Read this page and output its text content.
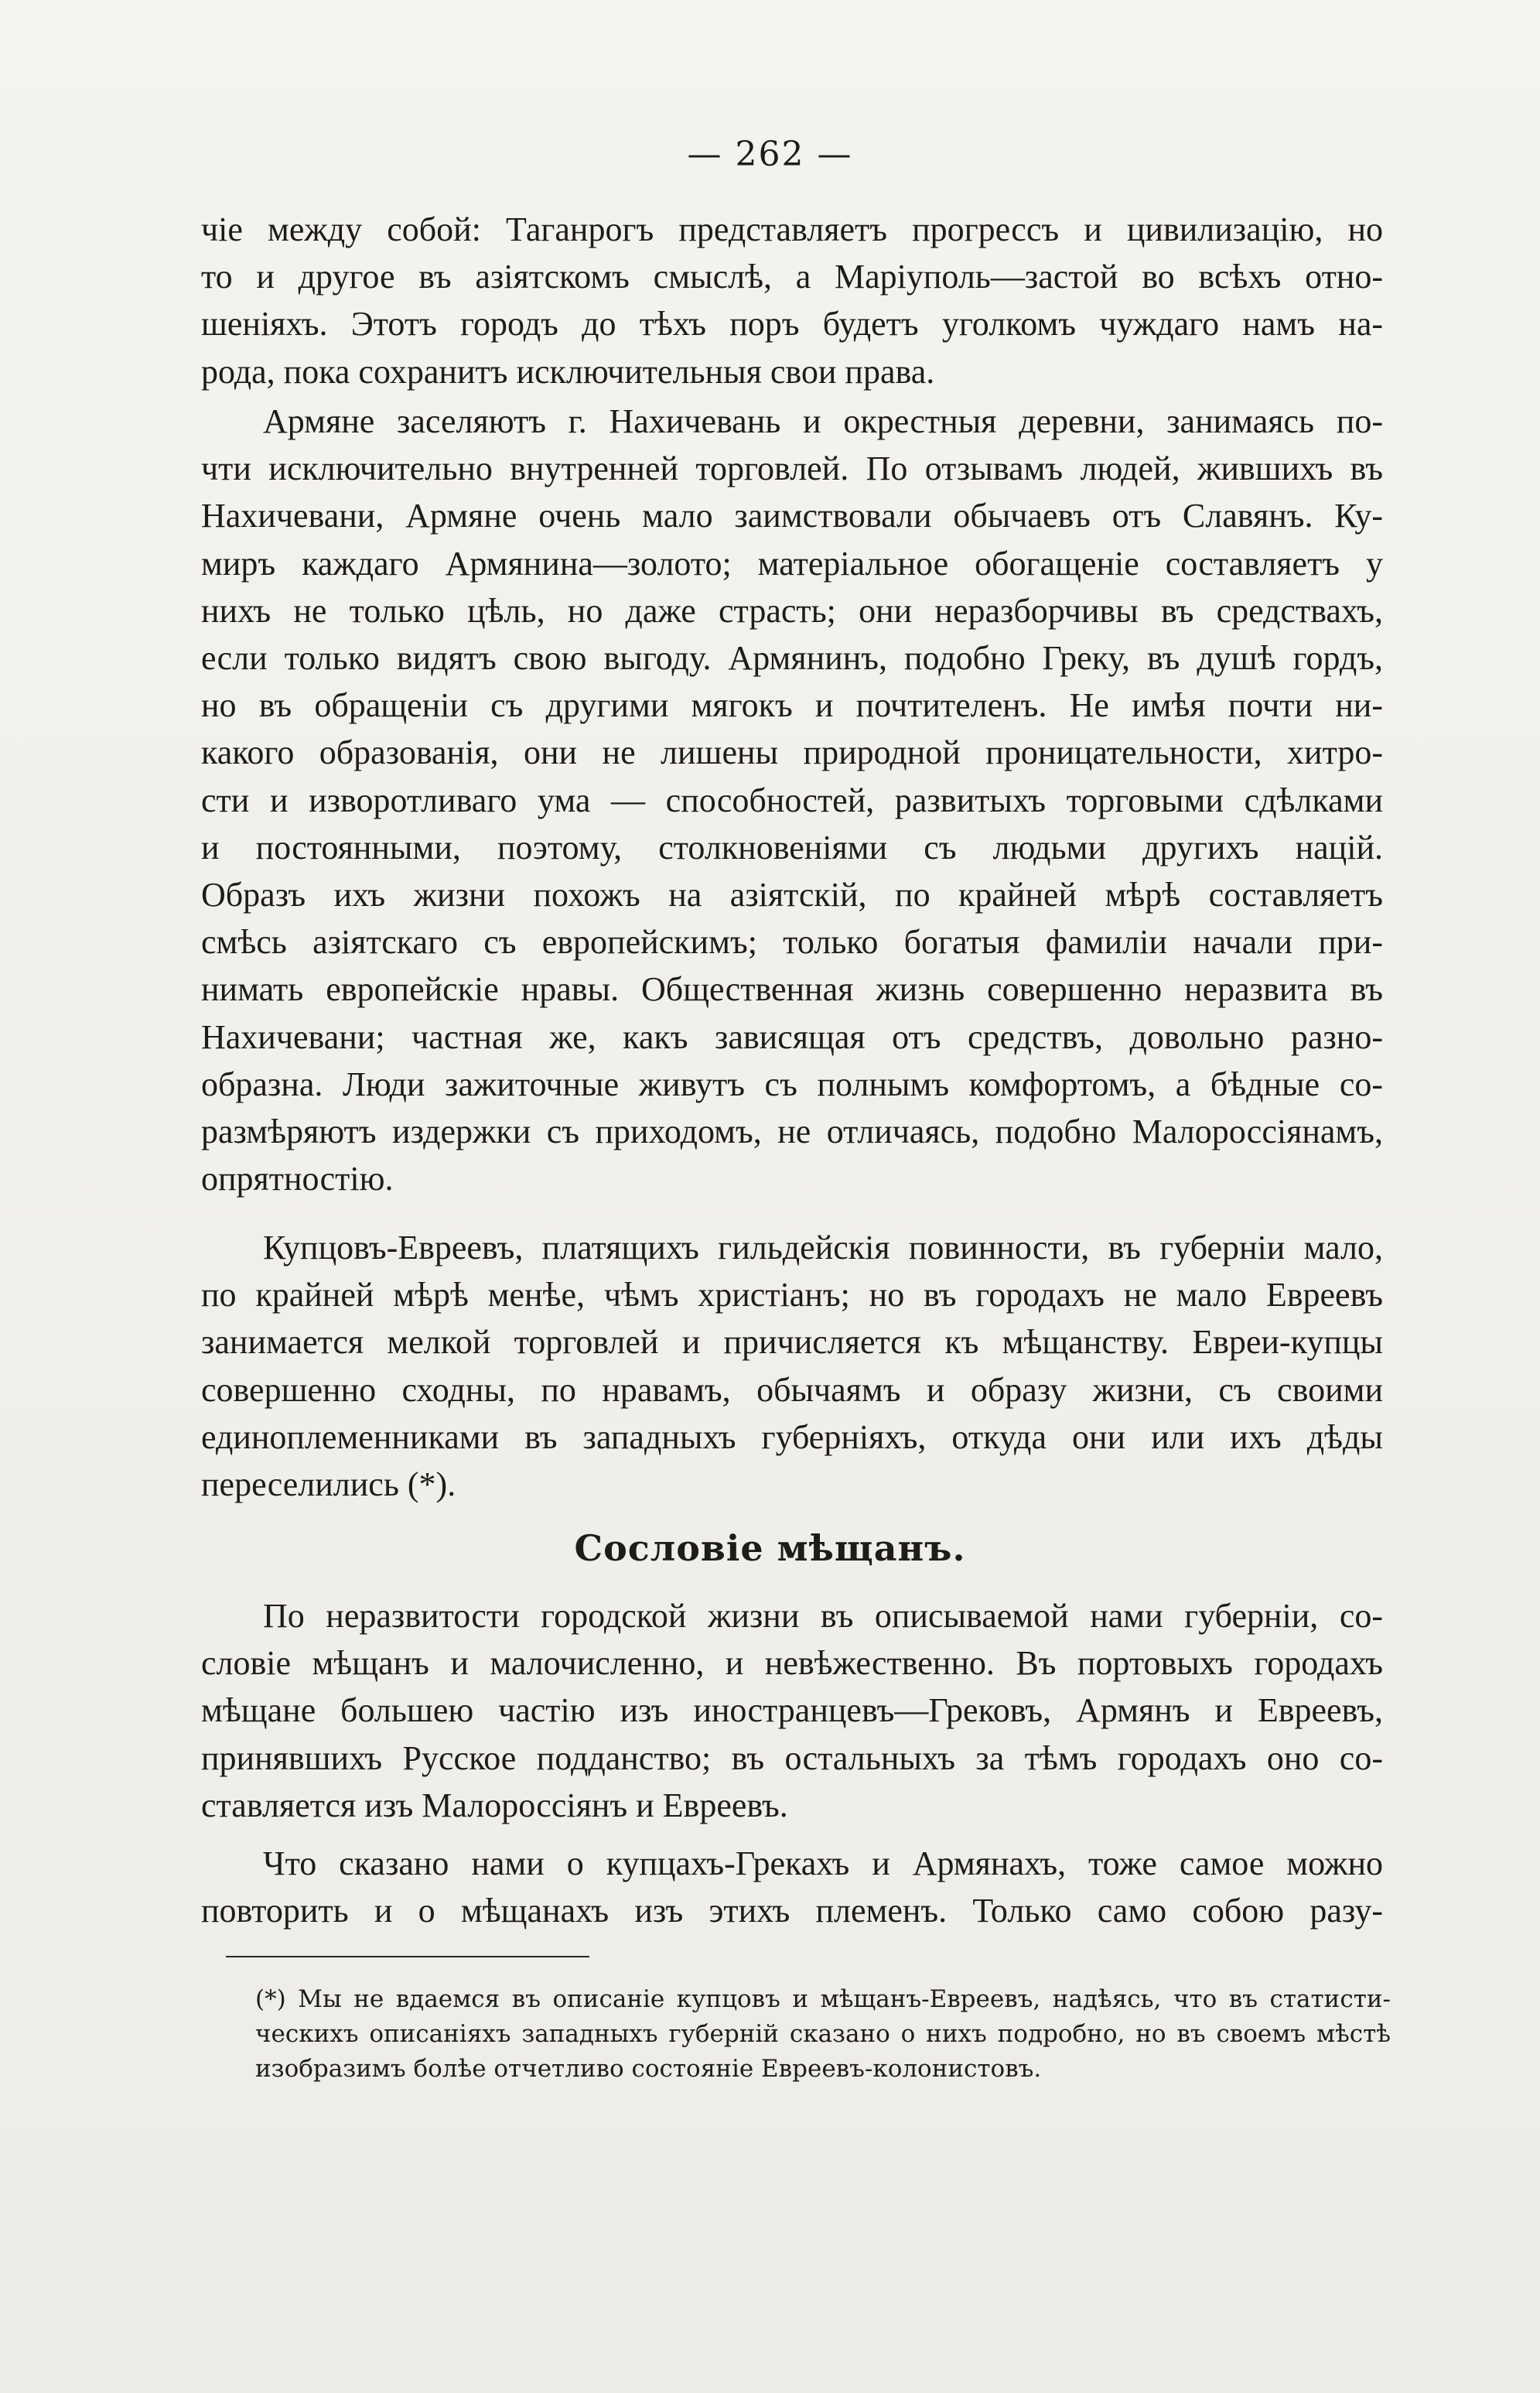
— 262 —

чіе между собой: Таганрогъ представляетъ прогрессъ и цивилизацію, но
то и другое въ азіятскомъ смыслѣ, а Маріуполь—застой во всѣхъ отно-
шеніяхъ. Этотъ городъ до тѣхъ поръ будетъ уголкомъ чуждаго намъ на-
рода, пока сохранитъ исключительныя свои права.

Армяне заселяютъ г. Нахичевань и окрестныя деревни, занимаясь по-
чти исключительно внутренней торговлей. По отзывамъ людей, жившихъ въ
Нахичевани, Армяне очень мало заимствовали обычаевъ отъ Славянъ. Ку-
миръ каждаго Армянина—золото; матеріальное обогащеніе составляетъ у
нихъ не только цѣль, но даже страсть; они неразборчивы въ средствахъ,
если только видятъ свою выгоду. Армянинъ, подобно Греку, въ душѣ гордъ,
но въ обращеніи съ другими мягокъ и почтителенъ. Не имѣя почти ни-
какого образованія, они не лишены природной проницательности, хитро-
сти и изворотливаго ума — способностей, развитыхъ торговыми сдѣлками
и постоянными, поэтому, столкновеніями съ людьми другихъ націй.
Образъ ихъ жизни похожъ на азіятскій, по крайней мѣрѣ составляетъ
смѣсь азіятскаго съ европейскимъ; только богатыя фамиліи начали при-
нимать европейскіе нравы. Общественная жизнь совершенно неразвита въ
Нахичевани; частная же, какъ зависящая отъ средствъ, довольно разно-
образна. Люди зажиточные живутъ съ полнымъ комфортомъ, а бѣдные со-
размѣряютъ издержки съ приходомъ, не отличаясь, подобно Малороссіянамъ,
опрятностію.

Купцовъ-Евреевъ, платящихъ гильдейскія повинности, въ губерніи мало,
по крайней мѣрѣ менѣе, чѣмъ христіанъ; но въ городахъ не мало Евреевъ
занимается мелкой торговлей и причисляется къ мѣщанству. Евреи-купцы
совершенно сходны, по нравамъ, обычаямъ и образу жизни, съ своими
единоплеменниками въ западныхъ губерніяхъ, откуда они или ихъ дѣды
переселились (*).

Сословіе мѣщанъ.

По неразвитости городской жизни въ описываемой нами губерніи, со-
словіе мѣщанъ и малочисленно, и невѣжественно. Въ портовыхъ городахъ
мѣщане большею частію изъ иностранцевъ—Грековъ, Армянъ и Евреевъ,
принявшихъ Русское подданство; въ остальныхъ за тѣмъ городахъ оно со-
ставляется изъ Малороссіянъ и Евреевъ.

Что сказано нами о купцахъ-Грекахъ и Армянахъ, тоже самое можно
повторить и о мѣщанахъ изъ этихъ племенъ. Только само собою разу-

(*) Мы не вдаемся въ описаніе купцовъ и мѣщанъ-Евреевъ, надѣясь, что въ статисти-
ческихъ описаніяхъ западныхъ губерній сказано о нихъ подробно, но въ своемъ мѣстѣ
изобразимъ болѣе отчетливо состояніе Евреевъ-колонистовъ.
